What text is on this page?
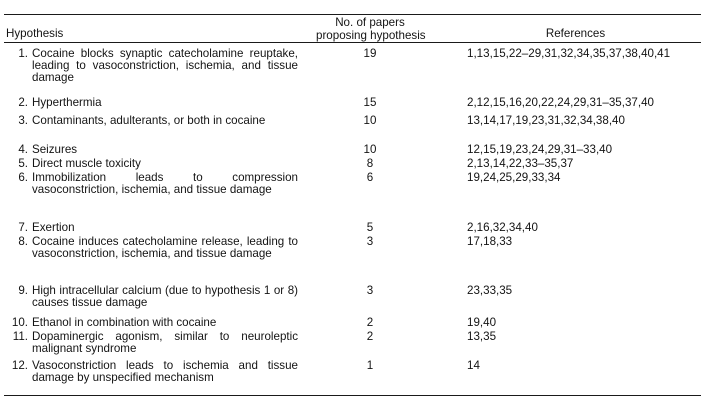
Hypothesis
No. of papers
proposing hypothesis	References
1. Cocaine blocks synaptic catecholamine reuptake, leading to vasoconstriction, ischemia, and tissue damage
19	1,13,15,22–29,31,32,34,35,37,38,40,41
2. Hyperthermia	15	2,12,15,16,20,22,24,29,31–35,37,40
3. Contaminants, adulterants, or both in cocaine	10	13,14,17,19,23,31,32,34,38,40
4. Seizures	10	12,15,19,23,24,29,31–33,40
5. Direct muscle toxicity	8	2,13,14,22,33–35,37
6. Immobilization leads to compression vasoconstriction, ischemia, and tissue damage
6	19,24,25,29,33,34
7. Exertion	5	2,16,32,34,40
8. Cocaine induces catecholamine release, leading to vasoconstriction, ischemia, and tissue damage
3	17,18,33
9. High intracellular calcium (due to hypothesis 1 or 8) causes tissue damage
3	23,33,35
10. Ethanol in combination with cocaine	2	19,40
11. Dopaminergic agonism, similar to neuroleptic malignant syndrome
2	13,35
12. Vasoconstriction leads to ischemia and tissue damage by unspecified mechanism
1	14
